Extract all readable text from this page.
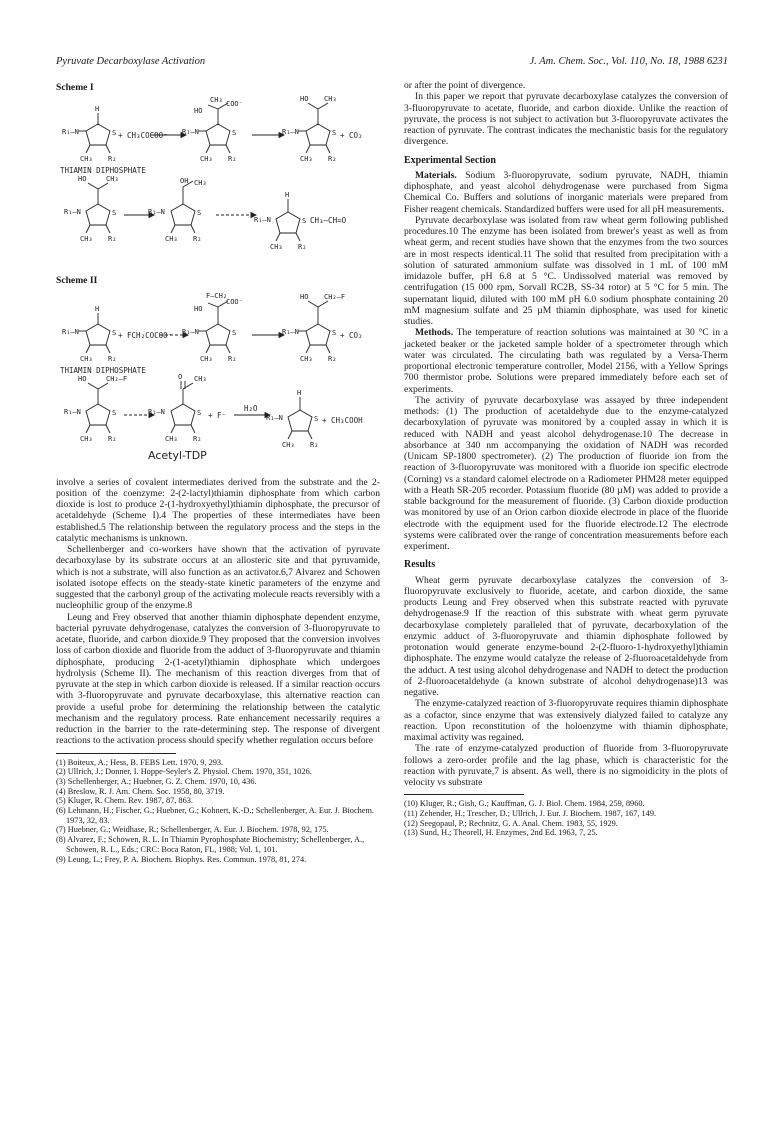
Pyruvate Decarboxylase Activation	J. Am. Chem. Soc., Vol. 110, No. 18, 1988 6231
Scheme I
H
R₁–N	S
CH₃ R₂
CH₃ COO⁻
HO
R₁–N	S
CH₃ R₂
HO CH₃
R₁–N	S
CH₃ R₂
HO	CH₃
R₁–N	S
CH₃ R₂
OH CH₃
R₁–N	S
CH₃ R₂
H
R₁–N	S
CH₃ R₂
+ CH₃COCOO⁻	+ CO₂
THIAMIN DIPHOSPHATE
CH₃–CH=O
Scheme II
H
R₁–N	S
CH₃ R₂
F–CH₂
COO⁻
HO
R₁–N	S
CH₃ R₂
HO CH₂–F
R₁–N	S
CH₃ R₂
HO	CH₂–F
R₁–N	S
CH₃ R₂
O CH₃
R₁–N	S
CH₃ R₂
H
R₁–N	S
CH₃ R₂
+ FCH₂COCOO⁻	+ CO₂
THIAMIN DIPHOSPHATE
+ F⁻
H₂O
+ CH₃COOH
Acetyl-TDP

involve a series of covalent intermediates derived from the substrate and the 2-position of the coenzyme: 2-(2-lactyl)thiamin diphosphate from which carbon dioxide is lost to produce 2-(1-hydroxyethyl)thiamin diphosphate, the precursor of acetaldehyde (Scheme I).4 The properties of these intermediates have been established.5 The relationship between the regulatory process and the steps in the catalytic mechanisms is unknown.

Schellenberger and co-workers have shown that the activation of pyruvate decarboxylase by its substrate occurs at an allosteric site and that pyruvamide, which is not a substrate, will also function as an activator.6,7 Alvarez and Schowen isolated isotope effects on the steady-state kinetic parameters of the enzyme and suggested that the carbonyl group of the activating molecule reacts reversibly with a nucleophilic group of the enzyme.8

Leung and Frey observed that another thiamin diphosphate dependent enzyme, bacterial pyruvate dehydrogenase, catalyzes the conversion of 3-fluoropyruvate to acetate, fluoride, and carbon dioxide.9 They proposed that the conversion involves loss of carbon dioxide and fluoride from the adduct of 3-fluoropyruvate and thiamin diphosphate, producing 2-(1-acetyl)thiamin diphosphate which undergoes hydrolysis (Scheme II). The mechanism of this reaction diverges from that of pyruvate at the step in which carbon dioxide is released. If a similar reaction occurs with 3-fluoropyruvate and pyruvate decarboxylase, this alternative reaction can provide a useful probe for determining the relationship between the catalytic mechanism and the regulatory process. Rate enhancement necessarily requires a reduction in the barrier to the rate-determining step. The response of divergent reactions to the activation process should specify whether regulation occurs before

(1) Boiteux, A.; Hess, B. FEBS Lett. 1970, 9, 293.

(2) Ullrich, J.; Donner, I. Hoppe-Seyler's Z. Physiol. Chem. 1970, 351, 1026.

(3) Schellenberger, A.; Huebner, G. Z. Chem. 1970, 10, 436.

(4) Breslow, R. J. Am. Chem. Soc. 1958, 80, 3719.

(5) Kluger, R. Chem. Rev. 1987, 87, 863.

(6) Lehmann, H.; Fischer, G.; Huebner, G.; Kohnert, K.-D.; Schellenberger, A. Eur. J. Biochem. 1973, 32, 83.

(7) Huebner, G.; Weidhase, R.; Schellenberger, A. Eur. J. Biochem. 1978, 92, 175.

(8) Alvarez, F.; Schowen, R. L. In Thiamin Pyrophosphate Biochemistry; Schellenberger, A., Schowen, R. L., Eds.; CRC: Boca Raton, FL, 1988; Vol. 1, 101.

(9) Leung, L.; Frey, P. A. Biochem. Biophys. Res. Commun. 1978, 81, 274.

or after the point of divergence.

In this paper we report that pyruvate decarboxylase catalyzes the conversion of 3-fluoropyruvate to acetate, fluoride, and carbon dioxide. Unlike the reaction of pyruvate, the process is not subject to activation but 3-fluoropyruvate activates the reaction of pyruvate. The contrast indicates the mechanistic basis for the regulatory divergence.

Experimental Section

Materials. Sodium 3-fluoropyruvate, sodium pyruvate, NADH, thiamin diphosphate, and yeast alcohol dehydrogenase were purchased from Sigma Chemical Co. Buffers and solutions of inorganic materials were prepared from Fisher reagent chemicals. Standardized buffers were used for all pH measurements.

Pyruvate decarboxylase was isolated from raw wheat germ following published procedures.10 The enzyme has been isolated from brewer's yeast as well as from wheat germ, and recent studies have shown that the enzymes from the two sources are in most respects identical.11 The solid that resulted from precipitation with a solution of saturated ammonium sulfate was dissolved in 1 mL of 100 mM imidazole buffer, pH 6.8 at 5 °C. Undissolved material was removed by centrifugation (15 000 rpm, Sorvall RC2B, SS-34 rotor) at 5 °C for 5 min. The supernatant liquid, diluted with 100 mM pH 6.0 sodium phosphate containing 20 mM magnesium sulfate and 25 µM thiamin diphosphate, was used for kinetic studies.

Methods. The temperature of reaction solutions was maintained at 30 °C in a jacketed beaker or the jacketed sample holder of a spectrometer through which water was circulated. The circulating bath was regulated by a Versa-Therm proportional electronic temperature controller, Model 2156, with a Yellow Springs 700 thermistor probe. Solutions were prepared immediately before each set of experiments.

The activity of pyruvate decarboxylase was assayed by three independent methods: (1) The production of acetaldehyde due to the enzyme-catalyzed decarboxylation of pyruvate was monitored by a coupled assay in which it is reduced with NADH and yeast alcohol dehydrogenase.10 The decrease in absorbance at 340 nm accompanying the oxidation of NADH was recorded (Unicam SP-1800 spectrometer). (2) The production of fluoride ion from the reaction of 3-fluoropyruvate was monitored with a fluoride ion specific electrode (Corning) vs a standard calomel electrode on a Radiometer PHM28 meter equipped with a Heath SR-205 recorder. Potassium fluoride (80 µM) was added to provide a stable background for the measurement of fluoride. (3) Carbon dioxide production was monitored by use of an Orion carbon dioxide electrode in place of the fluoride electrode with the equipment used for the fluoride electrode.12 The electrode systems were calibrated over the range of concentration measurements before each experiment.

Results

Wheat germ pyruvate decarboxylase catalyzes the conversion of 3-fluoropyruvate exclusively to fluoride, acetate, and carbon dioxide, the same products Leung and Frey observed when this substrate reacted with pyruvate dehydrogenase.9 If the reaction of this substrate with wheat germ pyruvate decarboxylase completely paralleled that of pyruvate, decarboxylation of the enzymic adduct of 3-fluoropyruvate and thiamin diphosphate followed by protonation would generate enzyme-bound 2-(2-fluoro-1-hydroxyethyl)thiamin diphosphate. The enzyme would catalyze the release of 2-fluoroacetaldehyde from the adduct. A test using alcohol dehydrogenase and NADH to detect the production of 2-fluoroacetaldehyde (a known substrate of alcohol dehydrogenase)13 was negative.

The enzyme-catalyzed reaction of 3-fluoropyruvate requires thiamin diphosphate as a cofactor, since enzyme that was extensively dialyzed failed to catalyze any reaction. Upon reconstitution of the holoenzyme with thiamin diphosphate, maximal activity was regained.

The rate of enzyme-catalyzed production of fluoride from 3-fluoropyruvate follows a zero-order profile and the lag phase, which is characteristic for the reaction with pyruvate,7 is absent. As well, there is no sigmoidicity in the plots of velocity vs substrate

(10) Kluger, R.; Gish, G.; Kauffman, G. J. Biol. Chem. 1984, 259, 8960.

(11) Zehender, H.; Trescher, D.; Ullrich, J. Eur. J. Biochem. 1987, 167, 149.

(12) Seegopaul, P.; Rechnitz, G. A. Anal. Chem. 1983, 55, 1929.

(13) Sund, H.; Theorell, H. Enzymes, 2nd Ed. 1963, 7, 25.
